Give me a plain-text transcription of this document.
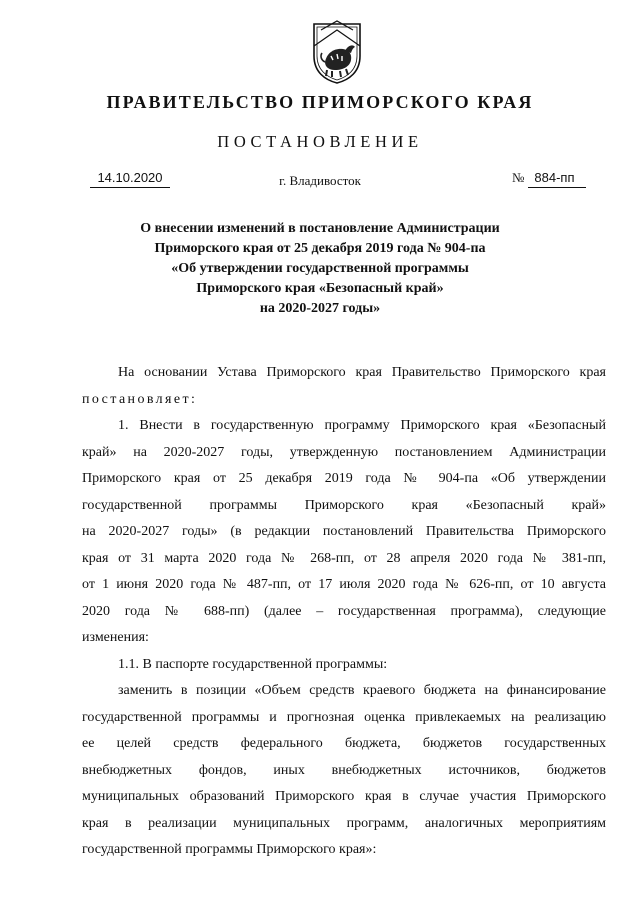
ПРАВИТЕЛЬСТВО ПРИМОРСКОГО КРАЯ
ПОСТАНОВЛЕНИЕ
14.10.2020	г. Владивосток	№ 884-пп
О внесении изменений в постановление Администрации
Приморского края от 25 декабря 2019 года № 904-па
«Об утверждении государственной программы
Приморского края «Безопасный край»
на 2020-2027 годы»
На основании Устава Приморского края Правительство Приморского края
постановляет:
1. Внести в государственную программу Приморского края «Безопасный
край» на 2020-2027 годы, утвержденную постановлением Администрации
Приморского края от 25 декабря 2019 года № 904-па «Об утверждении
государственной программы Приморского края «Безопасный край»
на 2020-2027 годы» (в редакции постановлений Правительства Приморского
края от 31 марта 2020 года № 268-пп, от 28 апреля 2020 года № 381-пп,
от 1 июня 2020 года № 487-пп, от 17 июля 2020 года № 626-пп, от 10 августа
2020 года № 688-пп) (далее – государственная программа), следующие
изменения:
1.1. В паспорте государственной программы:
заменить в позиции «Объем средств краевого бюджета на финансирование
государственной программы и прогнозная оценка привлекаемых на реализацию
ее целей средств федерального бюджета, бюджетов государственных
внебюджетных фондов, иных внебюджетных источников, бюджетов
муниципальных образований Приморского края в случае участия Приморского
края в реализации муниципальных программ, аналогичных мероприятиям
государственной программы Приморского края»:
